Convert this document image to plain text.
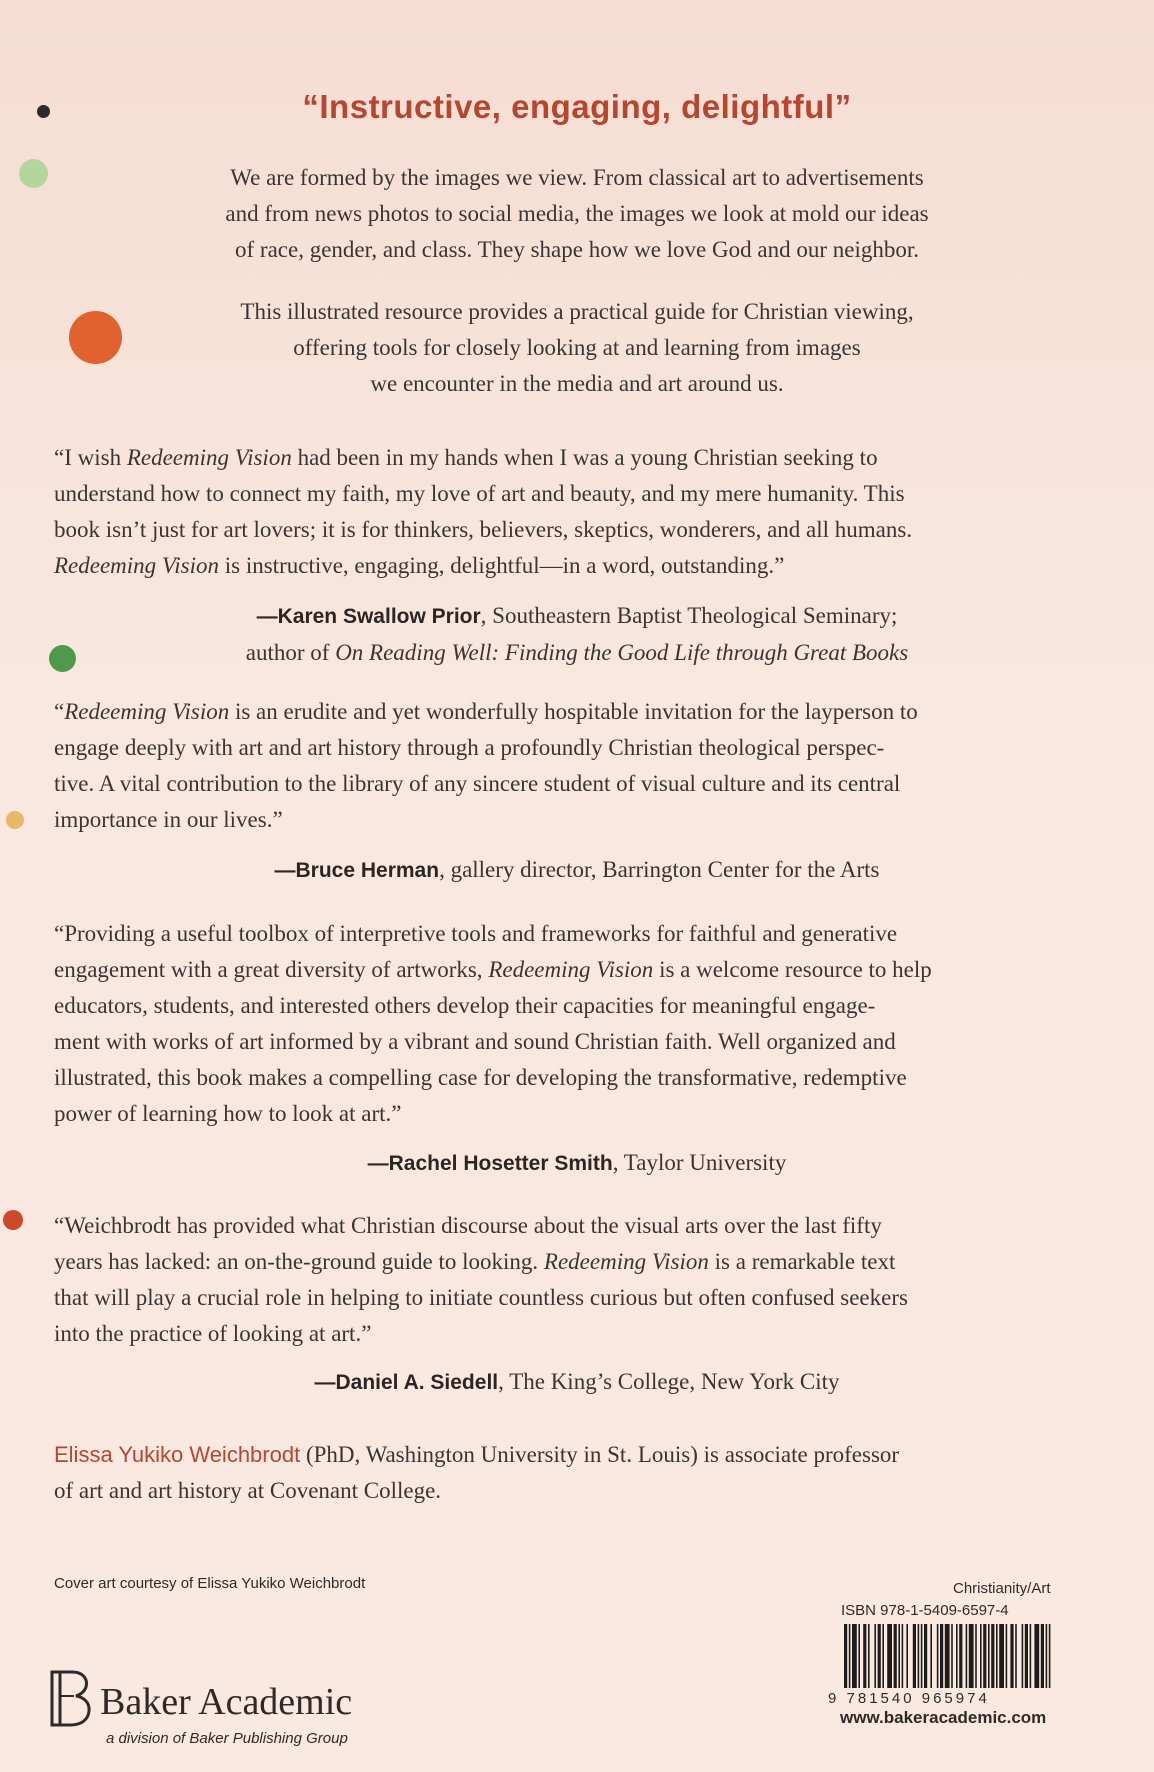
“Instructive, engaging, delightful”

We are formed by the images we view. From classical art to advertisements
and from news photos to social media, the images we look at mold our ideas
of race, gender, and class. They shape how we love God and our neighbor.

This illustrated resource provides a practical guide for Christian viewing,
offering tools for closely looking at and learning from images
we encounter in the media and art around us.

“I wish Redeeming Vision had been in my hands when I was a young Christian seeking to
understand how to connect my faith, my love of art and beauty, and my mere humanity. This
book isn’t just for art lovers; it is for thinkers, believers, skeptics, wonderers, and all humans.
Redeeming Vision is instructive, engaging, delightful—in a word, outstanding.”

—Karen Swallow Prior, Southeastern Baptist Theological Seminary;
author of On Reading Well: Finding the Good Life through Great Books

“Redeeming Vision is an erudite and yet wonderfully hospitable invitation for the layperson to
engage deeply with art and art history through a profoundly Christian theological perspec-
tive. A vital contribution to the library of any sincere student of visual culture and its central
importance in our lives.”

—Bruce Herman, gallery director, Barrington Center for the Arts

“Providing a useful toolbox of interpretive tools and frameworks for faithful and generative
engagement with a great diversity of artworks, Redeeming Vision is a welcome resource to help
educators, students, and interested others develop their capacities for meaningful engage-
ment with works of art informed by a vibrant and sound Christian faith. Well organized and
illustrated, this book makes a compelling case for developing the transformative, redemptive
power of learning how to look at art.”

—Rachel Hosetter Smith, Taylor University

“Weichbrodt has provided what Christian discourse about the visual arts over the last fifty
years has lacked: an on-the-ground guide to looking. Redeeming Vision is a remarkable text
that will play a crucial role in helping to initiate countless curious but often confused seekers
into the practice of looking at art.”

—Daniel A. Siedell, The King’s College, New York City

Elissa Yukiko Weichbrodt (PhD, Washington University in St. Louis) is associate professor
of art and art history at Covenant College.

Cover art courtesy of Elissa Yukiko Weichbrodt	Christianity/Art
ISBN 978-1-5409-6597-4
9 781540 965974
www.bakeracademic.com
Baker Academic
a division of Baker Publishing Group
